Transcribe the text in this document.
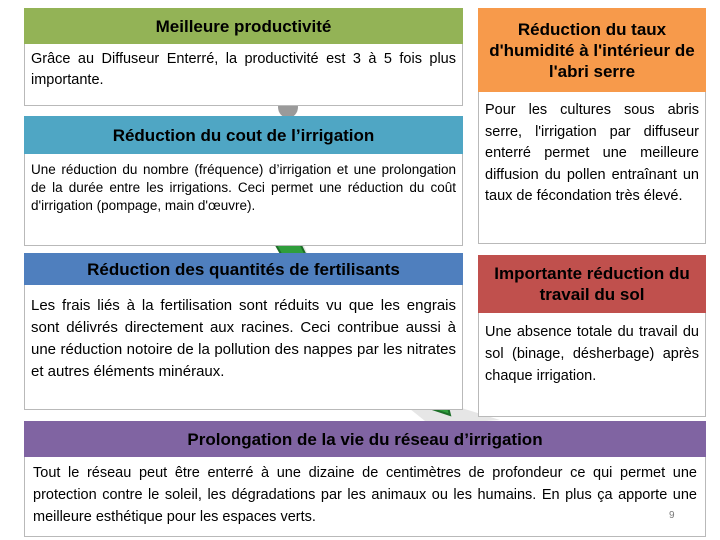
Meilleure productivité
Grâce au Diffuseur Enterré, la productivité est 3 à 5 fois plus importante.
Réduction du cout de l’irrigation
Une réduction du nombre (fréquence) d’irrigation et une prolongation de la durée entre les irrigations. Ceci permet une réduction du coût d'irrigation (pompage, main d'œuvre).
Réduction des quantités de fertilisants
Les frais liés à la fertilisation sont réduits vu que les engrais sont délivrés directement aux racines. Ceci contribue aussi à une réduction notoire de la pollution des nappes par les nitrates et autres éléments minéraux.
Réduction du taux d'humidité à l'intérieur de l'abri serre
Pour les cultures sous abris serre, l'irrigation par diffuseur enterré permet une meilleure diffusion du pollen entraînant un taux de fécondation très élevé.
Importante réduction du travail du sol
Une absence totale du travail du sol (binage, désherbage) après chaque irrigation.
Prolongation de la vie du réseau d’irrigation
Tout le réseau peut être enterré à une dizaine de centimètres de profondeur ce qui permet une protection contre le soleil, les dégradations par les animaux ou les humains. En plus ça apporte une meilleure esthétique pour les espaces verts.	9
